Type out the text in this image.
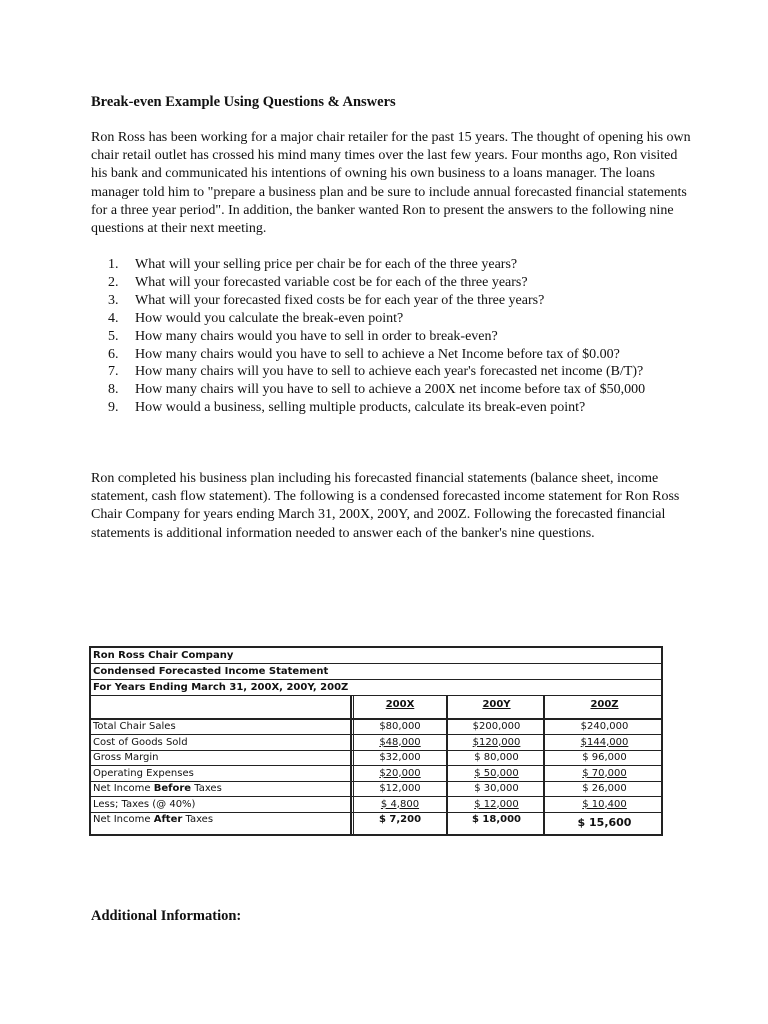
Break-even Example Using Questions & Answers
Ron Ross has been working for a major chair retailer for the past 15 years. The thought of opening his own chair retail outlet has crossed his mind many times over the last few years. Four months ago, Ron visited his bank and communicated his intentions of owning his own business to a loans manager. The loans manager told him to "prepare a business plan and be sure to include annual forecasted financial statements for a three year period". In addition, the banker wanted Ron to present the answers to the following nine questions at their next meeting.
1. What will your selling price per chair be for each of the three years?
2. What will your forecasted variable cost be for each of the three years?
3. What will your forecasted fixed costs be for each year of the three years?
4. How would you calculate the break-even point?
5. How many chairs would you have to sell in order to break-even?
6. How many chairs would you have to sell to achieve a Net Income before tax of $0.00?
7. How many chairs will you have to sell to achieve each year's forecasted net income (B/T)?
8. How many chairs will you have to sell to achieve a 200X net income before tax of $50,000
9. How would a business, selling multiple products, calculate its break-even point?
Ron completed his business plan including his forecasted financial statements (balance sheet, income statement, cash flow statement). The following is a condensed forecasted income statement for Ron Ross Chair Company for years ending March 31, 200X, 200Y, and 200Z. Following the forecasted financial statements is additional information needed to answer each of the banker's nine questions.
Ron Ross Chair Company
Condensed Forecasted Income Statement
For Years Ending March 31, 200X, 200Y, 200Z
200X	200Y	200Z
Total Chair Sales	$80,000	$200,000	$240,000
Cost of Goods Sold	$48,000	$120,000	$144,000
Gross Margin	$32,000	$ 80,000	$ 96,000
Operating Expenses	$20,000	$ 50,000	$ 70,000
Net Income Before Taxes	$12,000	$ 30,000	$ 26,000
Less; Taxes (@ 40%)	$ 4,800	$ 12,000	$ 10,400
Net Income After Taxes	$ 7,200	$ 18,000	$ 15,600
Additional Information:
